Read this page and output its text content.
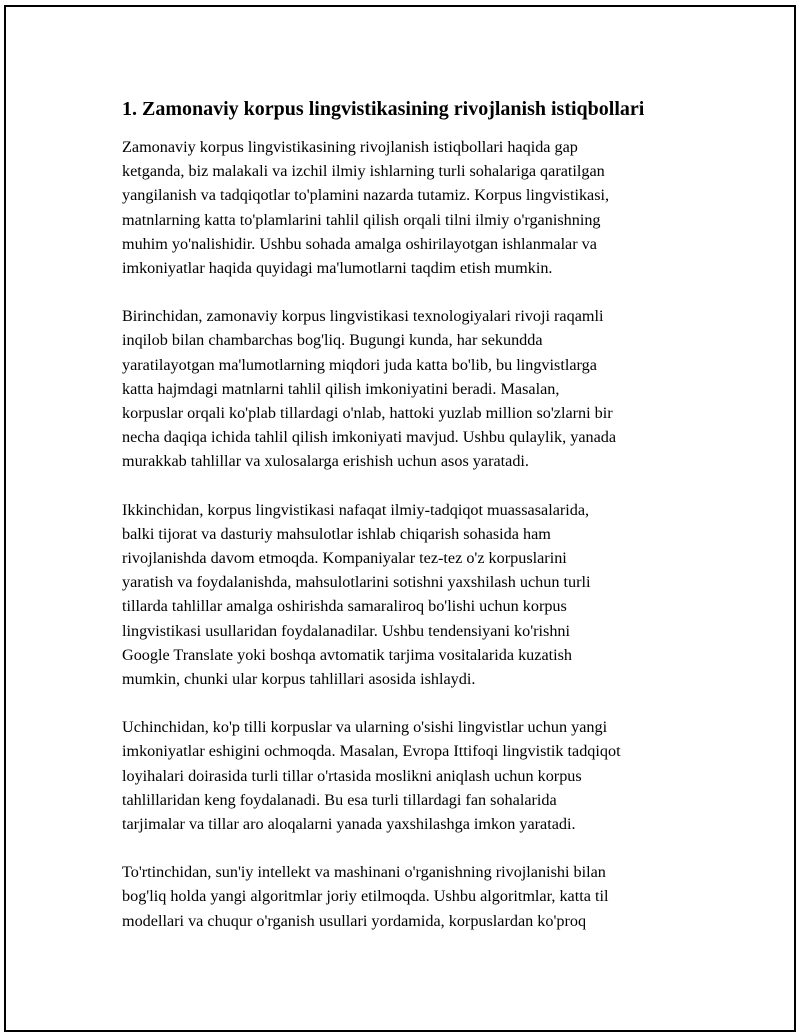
1. Zamonaviy korpus lingvistikasining rivojlanish istiqbollari

Zamonaviy korpus lingvistikasining rivojlanish istiqbollari haqida gap
ketganda, biz malakali va izchil ilmiy ishlarning turli sohalariga qaratilgan
yangilanish va tadqiqotlar to'plamini nazarda tutamiz. Korpus lingvistikasi,
matnlarning katta to'plamlarini tahlil qilish orqali tilni ilmiy o'rganishning
muhim yo'nalishidir. Ushbu sohada amalga oshirilayotgan ishlanmalar va
imkoniyatlar haqida quyidagi ma'lumotlarni taqdim etish mumkin.

Birinchidan, zamonaviy korpus lingvistikasi texnologiyalari rivoji raqamli
inqilob bilan chambarchas bog'liq. Bugungi kunda, har sekundda
yaratilayotgan ma'lumotlarning miqdori juda katta bo'lib, bu lingvistlarga
katta hajmdagi matnlarni tahlil qilish imkoniyatini beradi. Masalan,
korpuslar orqali ko'plab tillardagi o'nlab, hattoki yuzlab million so'zlarni bir
necha daqiqa ichida tahlil qilish imkoniyati mavjud. Ushbu qulaylik, yanada
murakkab tahlillar va xulosalarga erishish uchun asos yaratadi.

Ikkinchidan, korpus lingvistikasi nafaqat ilmiy-tadqiqot muassasalarida,
balki tijorat va dasturiy mahsulotlar ishlab chiqarish sohasida ham
rivojlanishda davom etmoqda. Kompaniyalar tez-tez o'z korpuslarini
yaratish va foydalanishda, mahsulotlarini sotishni yaxshilash uchun turli
tillarda tahlillar amalga oshirishda samaraliroq bo'lishi uchun korpus
lingvistikasi usullaridan foydalanadilar. Ushbu tendensiyani ko'rishni
Google Translate yoki boshqa avtomatik tarjima vositalarida kuzatish
mumkin, chunki ular korpus tahlillari asosida ishlaydi.

Uchinchidan, ko'p tilli korpuslar va ularning o'sishi lingvistlar uchun yangi
imkoniyatlar eshigini ochmoqda. Masalan, Evropa Ittifoqi lingvistik tadqiqot
loyihalari doirasida turli tillar o'rtasida moslikni aniqlash uchun korpus
tahlillaridan keng foydalanadi. Bu esa turli tillardagi fan sohalarida
tarjimalar va tillar aro aloqalarni yanada yaxshilashga imkon yaratadi.

To'rtinchidan, sun'iy intellekt va mashinani o'rganishning rivojlanishi bilan
bog'liq holda yangi algoritmlar joriy etilmoqda. Ushbu algoritmlar, katta til
modellari va chuqur o'rganish usullari yordamida, korpuslardan ko'proq
